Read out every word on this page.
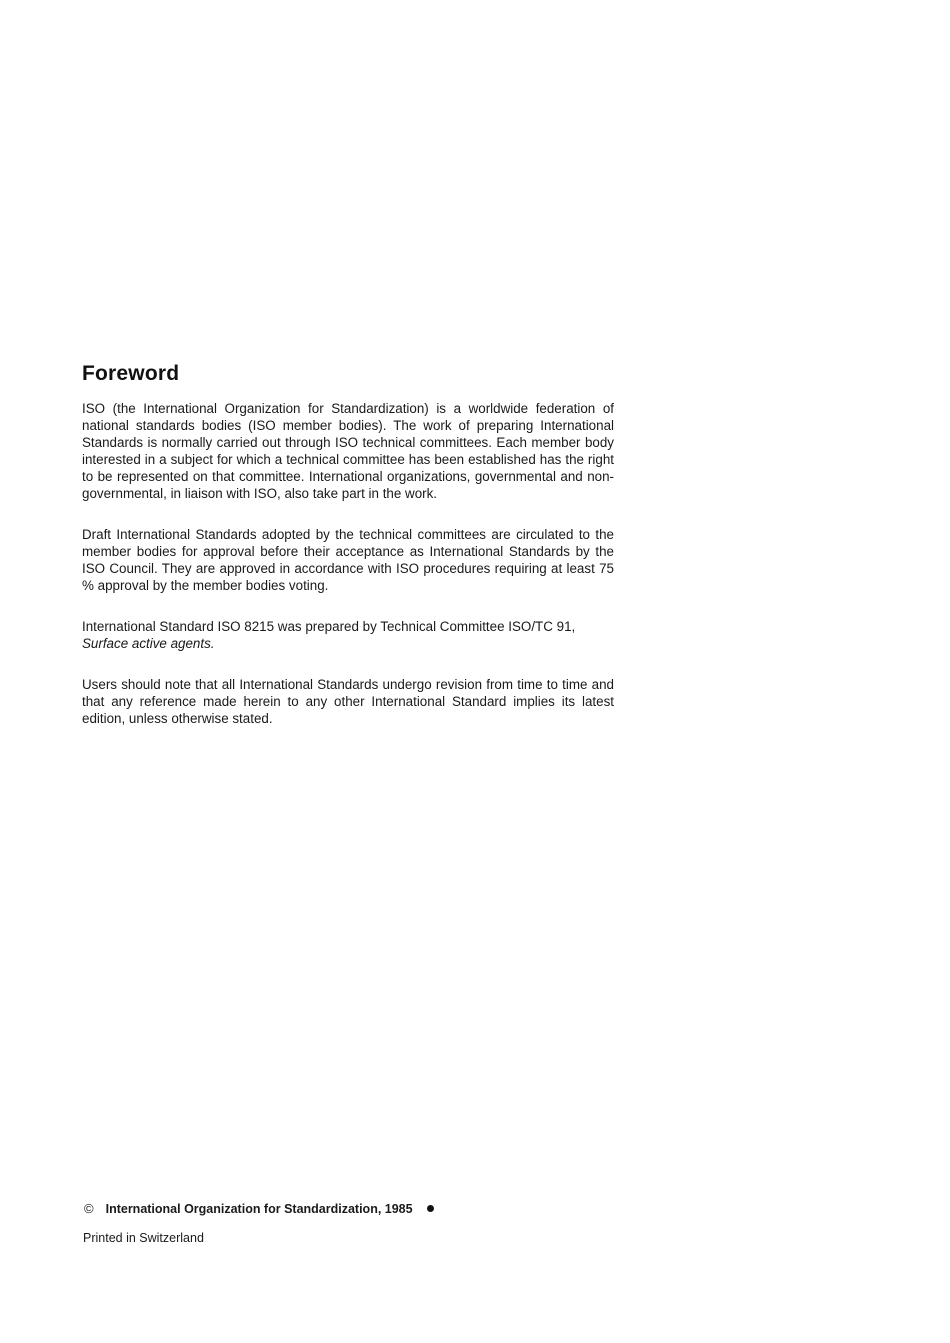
Foreword

ISO (the International Organization for Standardization) is a worldwide federation of national standards bodies (ISO member bodies). The work of preparing International Standards is normally carried out through ISO technical committees. Each member body interested in a subject for which a technical committee has been established has the right to be represented on that committee. International organizations, governmental and non-governmental, in liaison with ISO, also take part in the work.

Draft International Standards adopted by the technical committees are circulated to the member bodies for approval before their acceptance as International Standards by the ISO Council. They are approved in accordance with ISO procedures requiring at least 75 % approval by the member bodies voting.

International Standard ISO 8215 was prepared by Technical Committee ISO/TC 91,
Surface active agents.

Users should note that all International Standards undergo revision from time to time and that any reference made herein to any other International Standard implies its latest edition, unless otherwise stated.

© International Organization for Standardization, 1985
Printed in Switzerland
